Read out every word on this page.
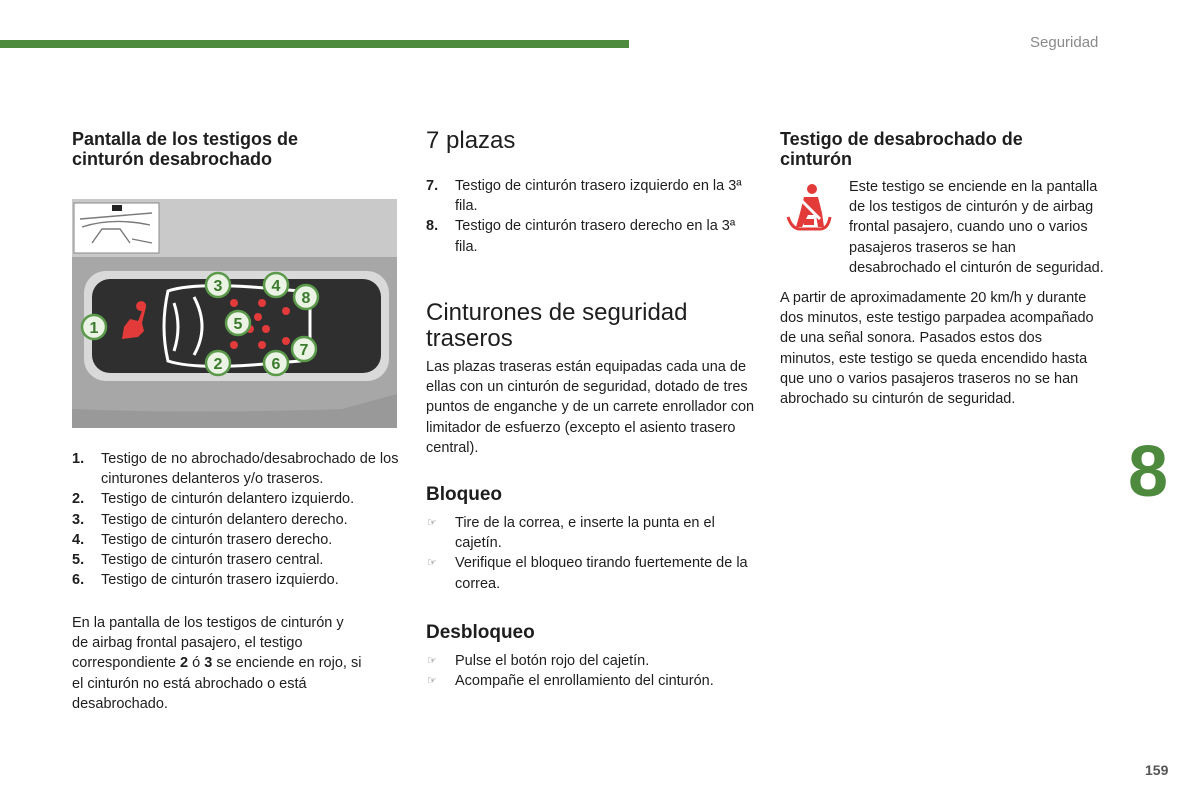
Seguridad
Pantalla de los testigos de cinturón desabrochado
1
2
3	4
5
6
7
8
1. Testigo de no abrochado/desabrochado de los cinturones delanteros y/o traseros.
2. Testigo de cinturón delantero izquierdo.
3. Testigo de cinturón delantero derecho.
4. Testigo de cinturón trasero derecho.
5. Testigo de cinturón trasero central.
6. Testigo de cinturón trasero izquierdo.

En la pantalla de los testigos de cinturón y de airbag frontal pasajero, el testigo correspondiente 2 ó 3 se enciende en rojo, si el cinturón no está abrochado o está desabrochado.

7 plazas
7. Testigo de cinturón trasero izquierdo en la 3ª fila.
8. Testigo de cinturón trasero derecho en la 3ª fila.
Cinturones de seguridad traseros

Las plazas traseras están equipadas cada una de ellas con un cinturón de seguridad, dotado de tres puntos de enganche y de un carrete enrollador con limitador de esfuerzo (excepto el asiento trasero central).

Bloqueo
☞ Tire de la correa, e inserte la punta en el cajetín.
☞ Verifique el bloqueo tirando fuertemente de la correa.
Desbloqueo
☞ Pulse el botón rojo del cajetín.
☞ Acompañe el enrollamiento del cinturón.
Testigo de desabrochado de cinturón

Este testigo se enciende en la pantalla de los testigos de cinturón y de airbag frontal pasajero, cuando uno o varios pasajeros traseros se han desabrochado el cinturón de seguridad.

A partir de aproximadamente 20 km/h y durante dos minutos, este testigo parpadea acompañado de una señal sonora. Pasados estos dos minutos, este testigo se queda encendido hasta que uno o varios pasajeros traseros no se han abrochado su cinturón de seguridad.

8
159
